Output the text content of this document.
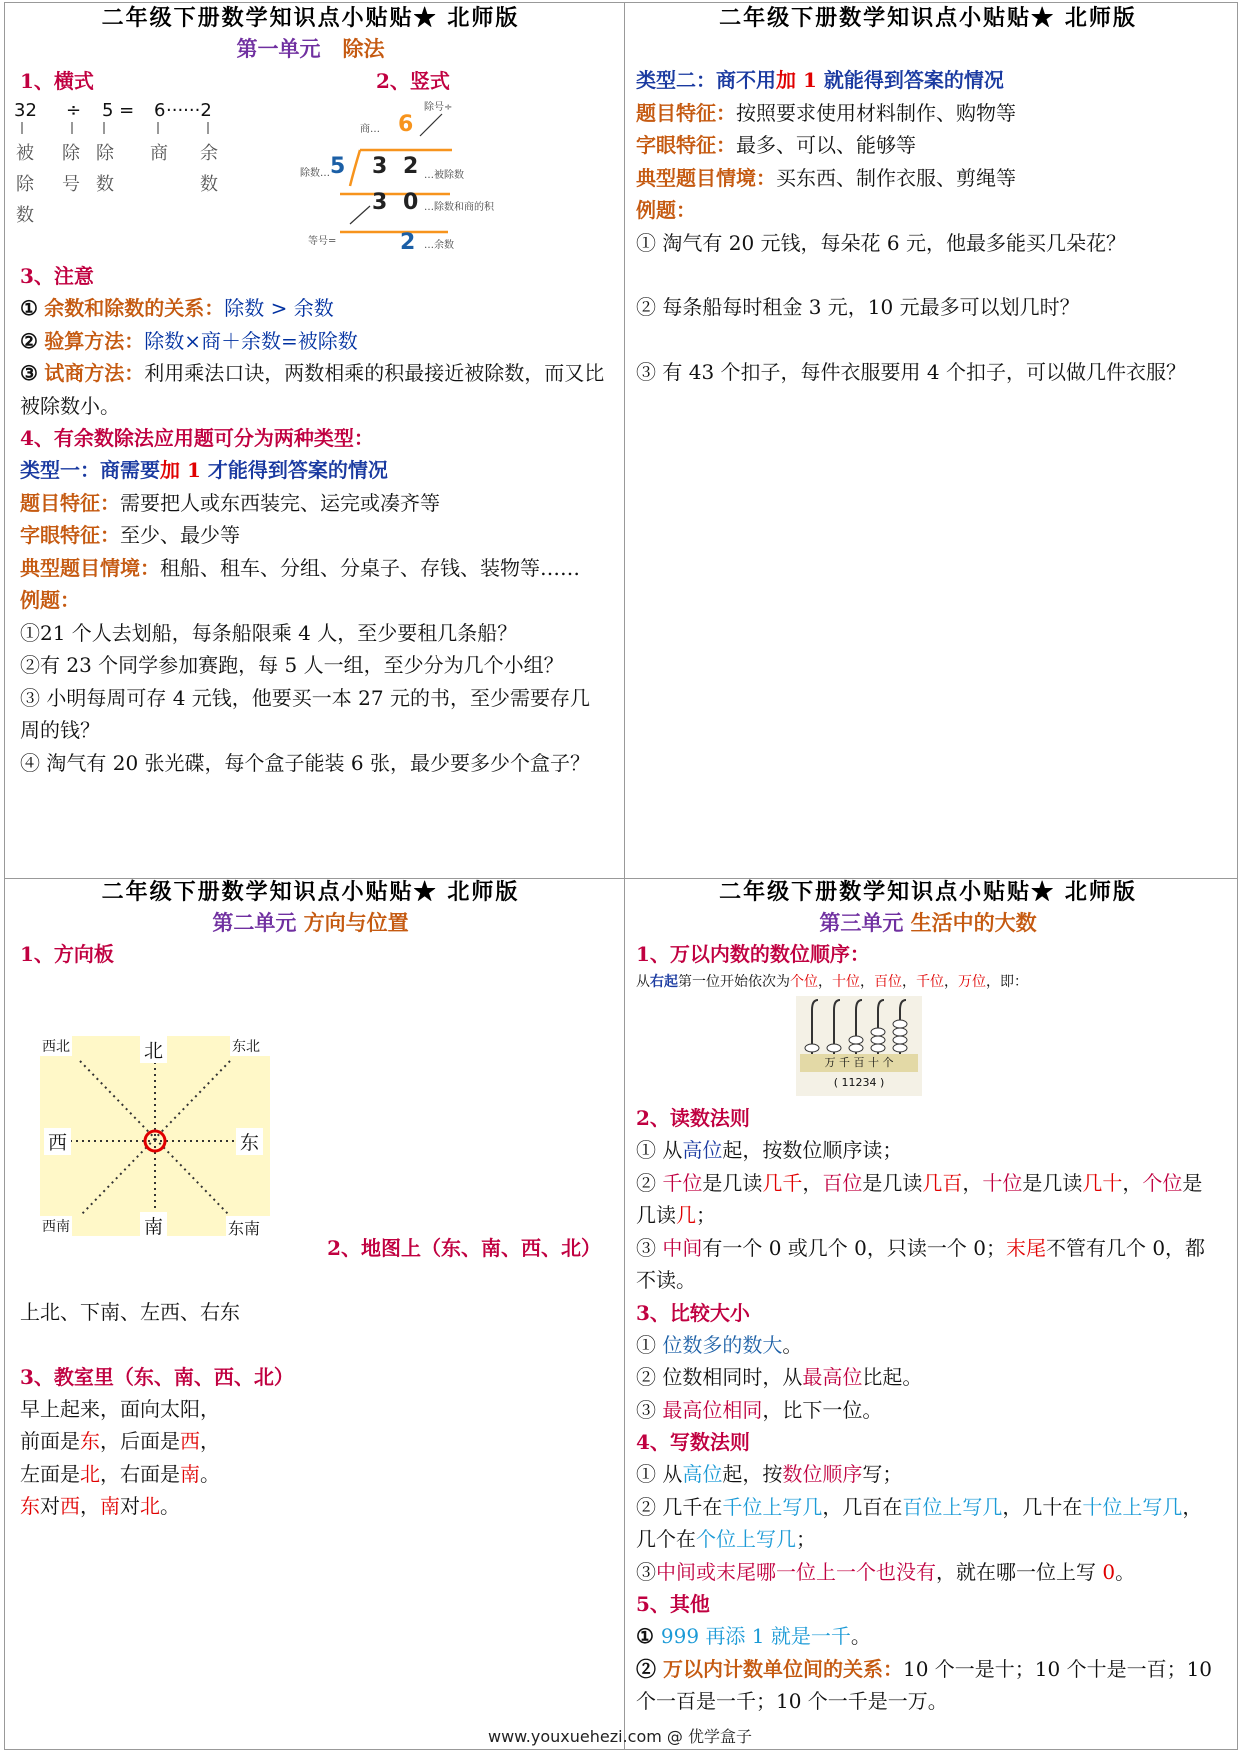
二年级下册数学知识点小贴贴★ 北师版
第一单元 除法
1、横式	2、竖式
32 ÷ 5 = 6 ······2
被除数
除号
除数
商 余数
商… 6
除号÷
除数… 5 3 2 …被除数
3 0 …除数和商的积
等号=	2 …余数
3、注意

① 余数和除数的关系：除数 > 余数

② 验算方法：除数×商＋余数=被除数

③ 试商方法：利用乘法口诀，两数相乘的积最接近被除数，而又比被除数小。

4、有余数除法应用题可分为两种类型：

类型一：商需要加 1 才能得到答案的情况

题目特征：需要把人或东西装完、运完或凑齐等

字眼特征：至少、最少等

典型题目情境：租船、租车、分组、分桌子、存钱、装物等…… 例题：

①21 个人去划船，每条船限乘 4 人，至少要租几条船？

②有 23 个同学参加赛跑，每 5 人一组，至少分为几个小组？

③ 小明每周可存 4 元钱，他要买一本 27 元的书，至少需要存几周的钱？

④ 淘气有 20 张光碟，每个盒子能装 6 张，最少要多少个盒子？

二年级下册数学知识点小贴贴★ 北师版

类型二：商不用加 1 就能得到答案的情况

题目特征：按照要求使用材料制作、购物等

字眼特征：最多、可以、能够等

典型题目情境：买东西、制作衣服、剪绳等

例题：

① 淘气有 20 元钱，每朵花 6 元，他最多能买几朵花？

② 每条船每时租金 3 元，10 元最多可以划几时？

③ 有 43 个扣子，每件衣服要用 4 个扣子，可以做几件衣服？

二年级下册数学知识点小贴贴★ 北师版
第二单元 方向与位置
1、方向板
西北	北	东北
西	东
西南	南	东南
2、地图上（东、南、西、北）

上北、下南、左西、右东

3、教室里（东、南、西、北）

早上起来，面向太阳，

前面是东，后面是西，

左面是北，右面是南。

东对西，南对北。

二年级下册数学知识点小贴贴★ 北师版
第三单元 生活中的大数
1、万以内数的数位顺序：

从右起第一位开始依次为个位，十位，百位，千位，万位，即：

万 千 百 十 个
( 11234 )
2、读数法则

① 从高位起，按数位顺序读；

② 千位是几读几千，百位是几读几百，十位是几读几十，个位是几读几；

③ 中间有一个 0 或几个 0，只读一个 0；末尾不管有几个 0，都不读。

3、比较大小

① 位数多的数大。

② 位数相同时，从最高位比起。

③ 最高位相同，比下一位。

4、写数法则

① 从高位起，按数位顺序写；

② 几千在千位上写几，几百在百位上写几，几十在十位上写几，几个在个位上写几；

③中间或末尾哪一位上一个也没有，就在哪一位上写 0。

5、其他

① 999 再添 1 就是一千。

② 万以内计数单位间的关系：10 个一是十；10 个十是一百；10 个一百是一千；10 个一千是一万。

www.youxuehezi.com @ 优学盒子
